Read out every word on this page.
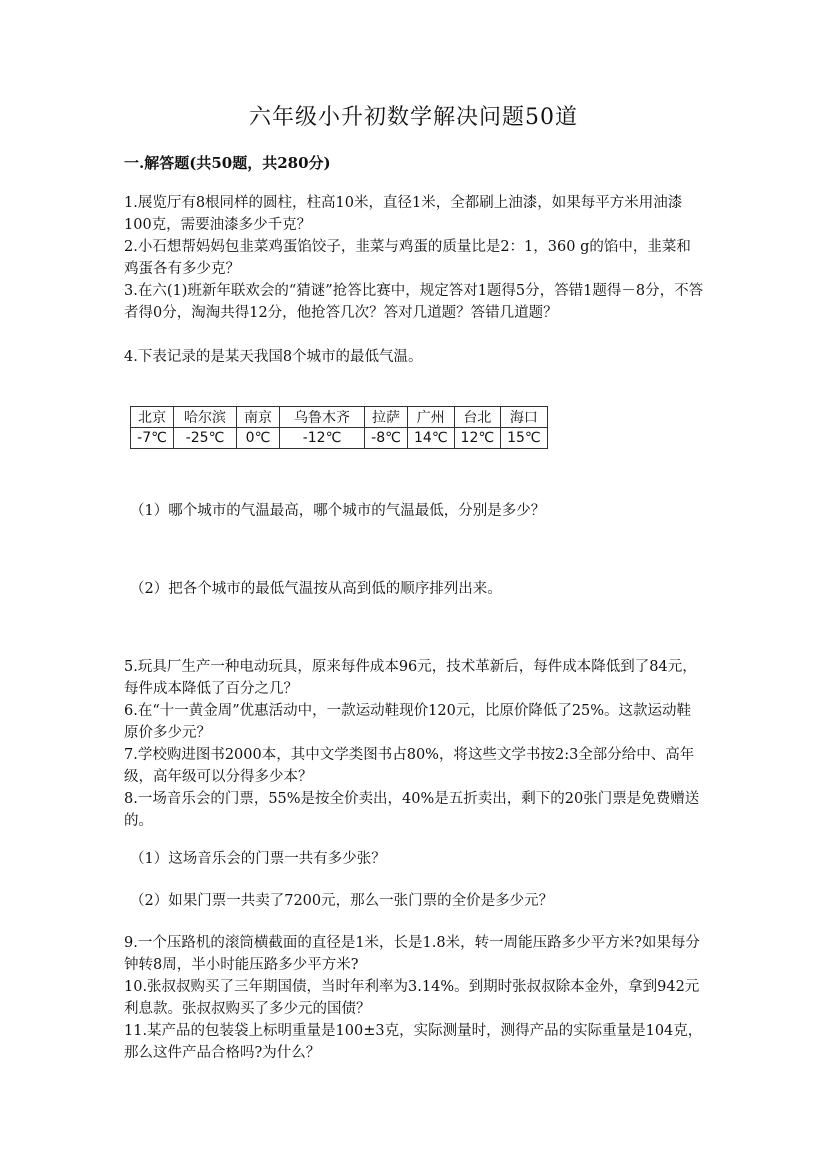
六年级小升初数学解决问题50道
一.解答题(共50题，共280分)
1.展览厅有8根同样的圆柱，柱高10米，直径1米，全都刷上油漆，如果每平方米用油漆100克，需要油漆多少千克？
2.小石想帮妈妈包韭菜鸡蛋馅饺子，韭菜与鸡蛋的质量比是2：1，360 g的馅中，韭菜和鸡蛋各有多少克？
3.在六(1)班新年联欢会的“猜谜”抢答比赛中，规定答对1题得5分，答错1题得－8分，不答者得0分，淘淘共得12分，他抢答几次？答对几道题？答错几道题？
4.下表记录的是某天我国8个城市的最低气温。
北京	哈尔滨	南京	乌鲁木齐	拉萨	广州	台北	海口
-7℃	-25℃	0℃	-12℃	-8℃	14℃	12℃	15℃
（1）哪个城市的气温最高，哪个城市的气温最低，分别是多少？
（2）把各个城市的最低气温按从高到低的顺序排列出来。
5.玩具厂生产一种电动玩具，原来每件成本96元，技术革新后，每件成本降低到了84元，每件成本降低了百分之几？
6.在“十一黄金周”优惠活动中，一款运动鞋现价120元，比原价降低了25%。这款运动鞋原价多少元？
7.学校购进图书2000本，其中文学类图书占80%，将这些文学书按2:3全部分给中、高年级，高年级可以分得多少本？
8.一场音乐会的门票，55%是按全价卖出，40%是五折卖出，剩下的20张门票是免费赠送的。
（1）这场音乐会的门票一共有多少张？
（2）如果门票一共卖了7200元，那么一张门票的全价是多少元？
9.一个压路机的滚筒横截面的直径是1米，长是1.8米，转一周能压路多少平方米?如果每分钟转8周，半小时能压路多少平方米?
10.张叔叔购买了三年期国债，当时年利率为3.14%。到期时张叔叔除本金外，拿到942元利息款。张叔叔购买了多少元的国债？
11.某产品的包装袋上标明重量是100±3克，实际测量时，测得产品的实际重量是104克，那么这件产品合格吗?为什么？
